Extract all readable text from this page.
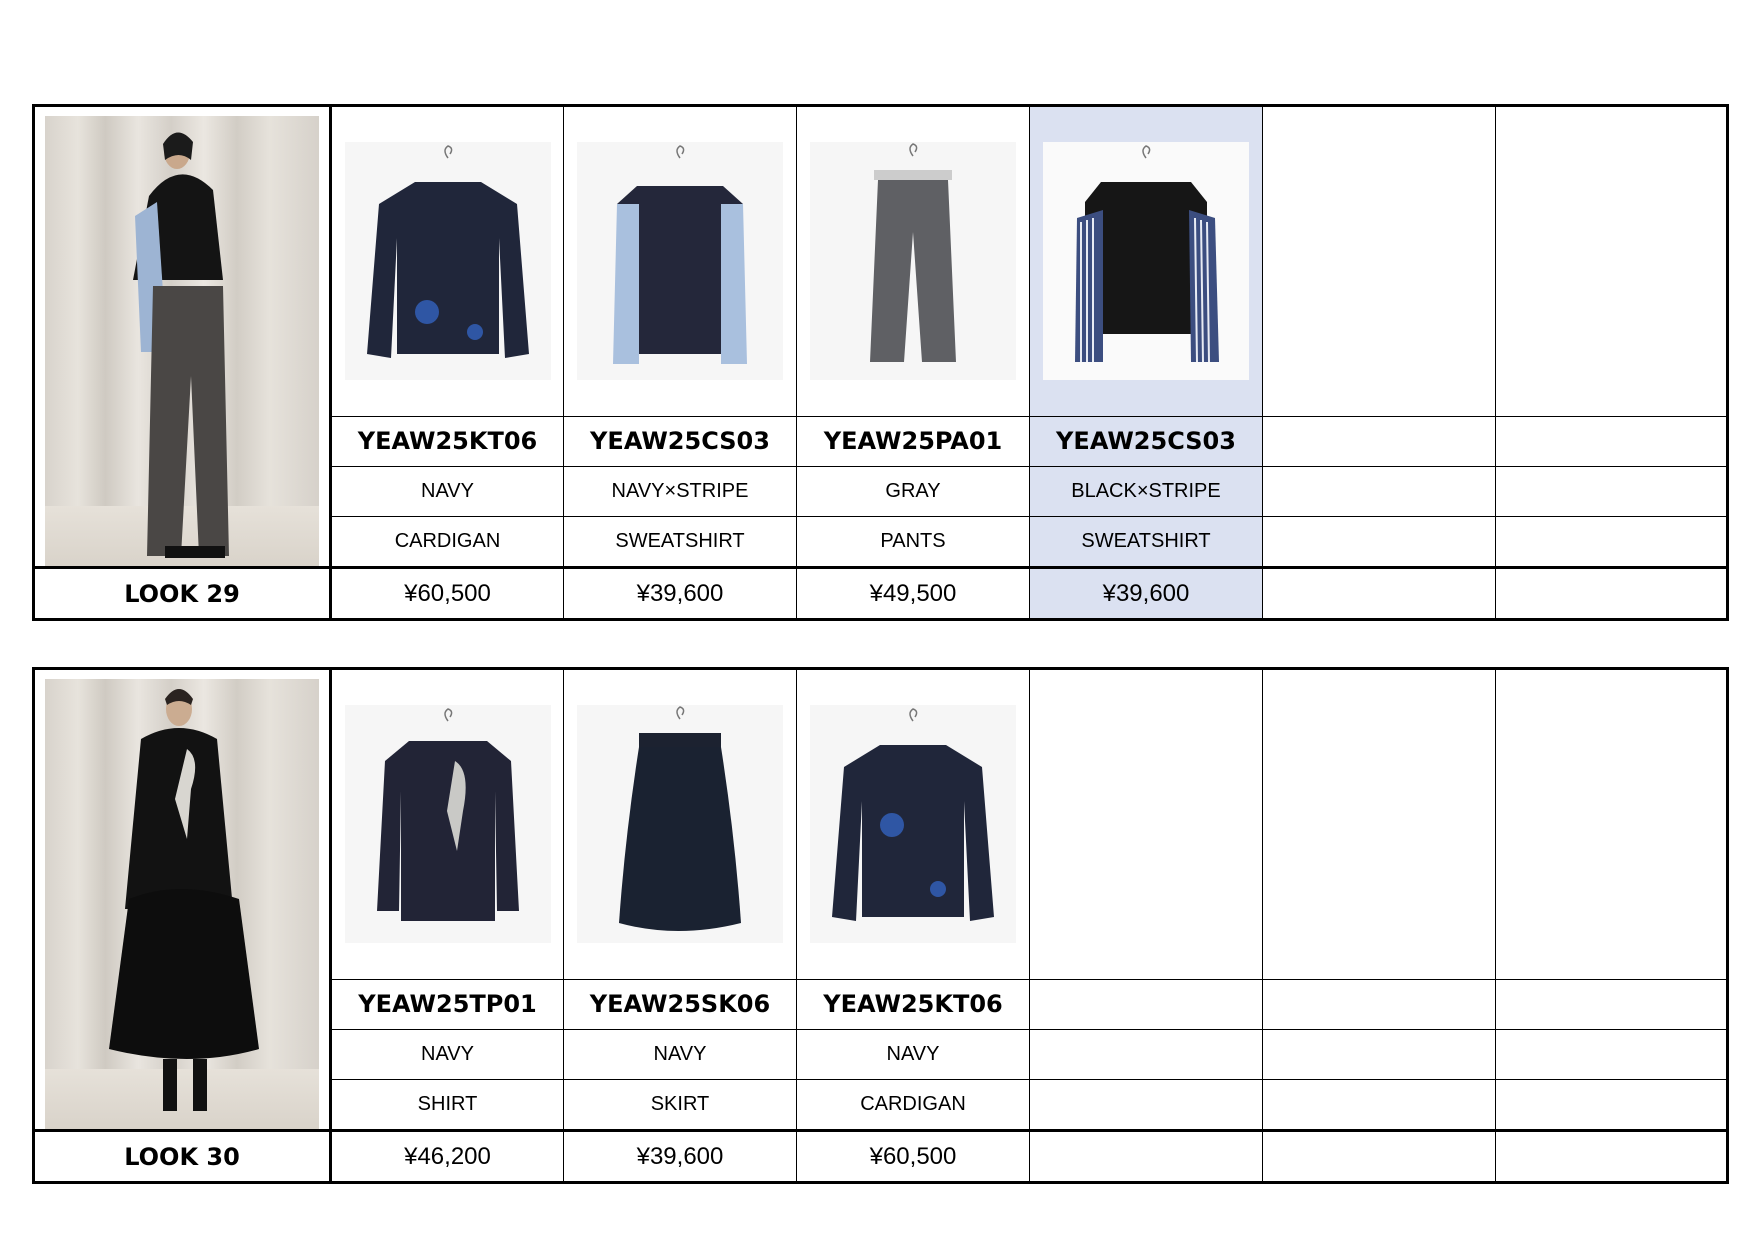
	YEAW25KT06	YEAW25CS03	YEAW25PA01	YEAW25CS03		
	NAVY	NAVY×STRIPE	GRAY	BLACK×STRIPE		
	CARDIGAN	SWEATSHIRT	PANTS	SWEATSHIRT		
LOOK 29	¥60,500	¥39,600	¥49,500	¥39,600		

	YEAW25TP01	YEAW25SK06	YEAW25KT06			
	NAVY	NAVY	NAVY			
	SHIRT	SKIRT	CARDIGAN			
LOOK 30	¥46,200	¥39,600	¥60,500			
